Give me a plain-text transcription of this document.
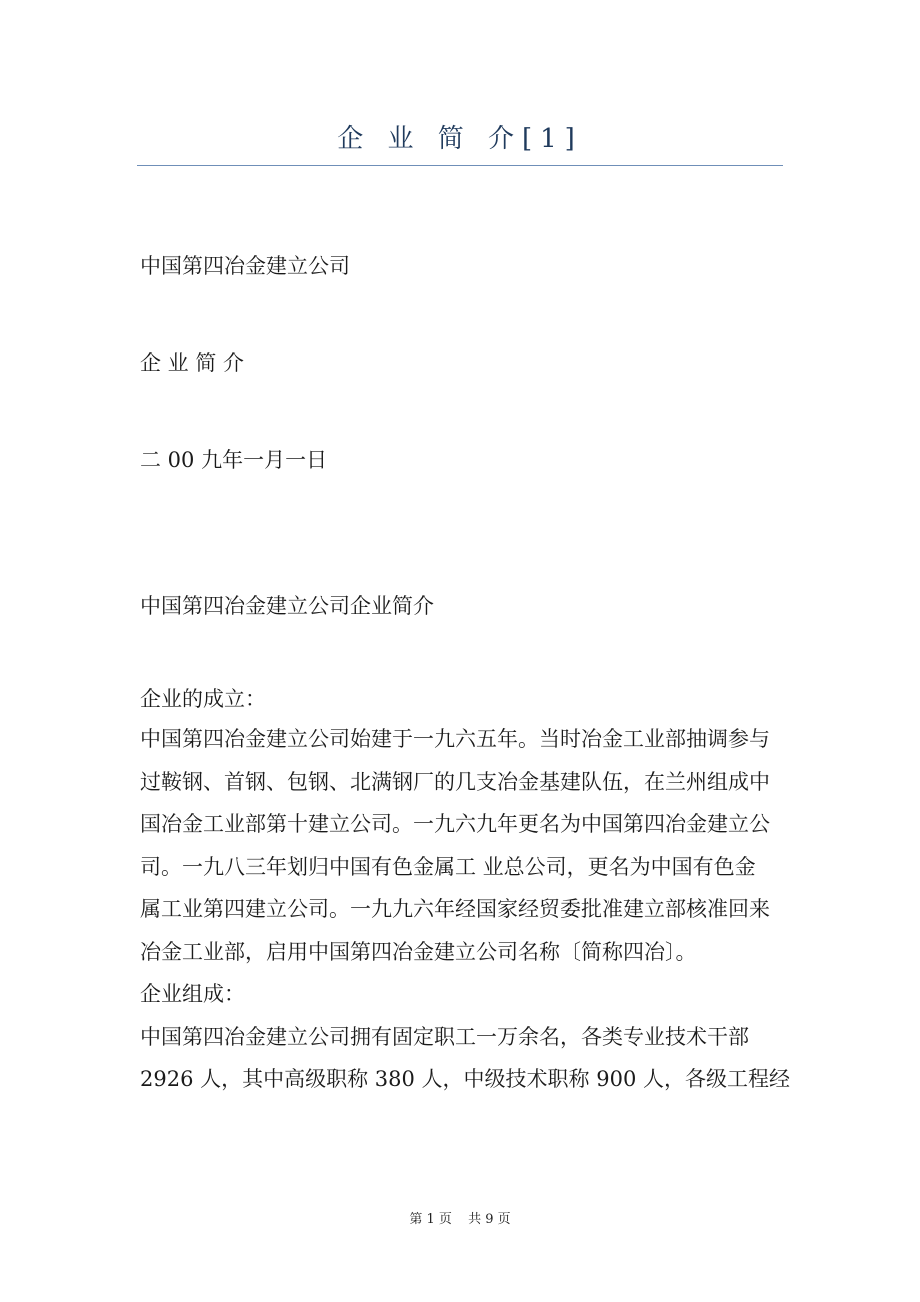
企 业 简 介[1]
中国第四冶金建立公司
企 业 简 介
二 00 九年一月一日
中国第四冶金建立公司企业简介
企业的成立：
中国第四冶金建立公司始建于一九六五年。当时冶金工业部抽调参与
过鞍钢、首钢、包钢、北满钢厂的几支冶金基建队伍，在兰州组成中
国冶金工业部第十建立公司。一九六九年更名为中国第四冶金建立公
司。一九八三年划归中国有色金属工 业总公司，更名为中国有色金
属工业第四建立公司。一九九六年经国家经贸委批准建立部核准回来
冶金工业部，启用中国第四冶金建立公司名称〔简称四冶〕。
企业组成：
中国第四冶金建立公司拥有固定职工一万余名，各类专业技术干部
2926 人，其中高级职称 380 人，中级技术职称 900 人，各级工程经
第 1 页 共 9 页
